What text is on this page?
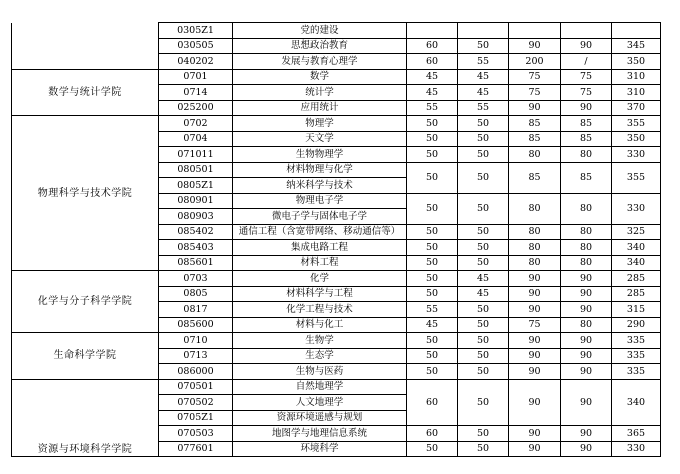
	0305Z1	党的建设					
	030505	思想政治教育	60	50	90	90	345
	040202	发展与教育心理学	60	55	200	/	350
数学与统计学院	0701	数学	45	45	75	75	310
	0714	统计学	45	45	75	75	310
	025200	应用统计	55	55	90	90	370
物理科学与技术学院	0702	物理学	50	50	85	85	355
	0704	天文学	50	50	85	85	350
	071011	生物物理学	50	50	80	80	330
	080501	材料物理与化学	50	50	85	85	355
	0805Z1	纳米科学与技术					
	080901	物理电子学	50	50	80	80	330
	080903	微电子学与固体电子学					
	085402	通信工程（含宽带网络、移动通信等）	50	50	80	80	325
	085403	集成电路工程	50	50	80	80	340
	085601	材料工程	50	50	80	80	340
化学与分子科学学院	0703	化学	50	45	90	90	285
	0805	材料科学与工程	50	45	90	90	285
	0817	化学工程与技术	55	50	90	90	315
	085600	材料与化工	45	50	75	80	290
生命科学学院	0710	生物学	50	50	90	90	335
	0713	生态学	50	50	90	90	335
	086000	生物与医药	50	50	90	90	335
资源与环境科学学院	070501	自然地理学	60	50	90	90	340
	070502	人文地理学					
	0705Z1	资源环境遥感与规划					
	070503	地图学与地理信息系统	60	50	90	90	365
	077601	环境科学	50	50	90	90	330
